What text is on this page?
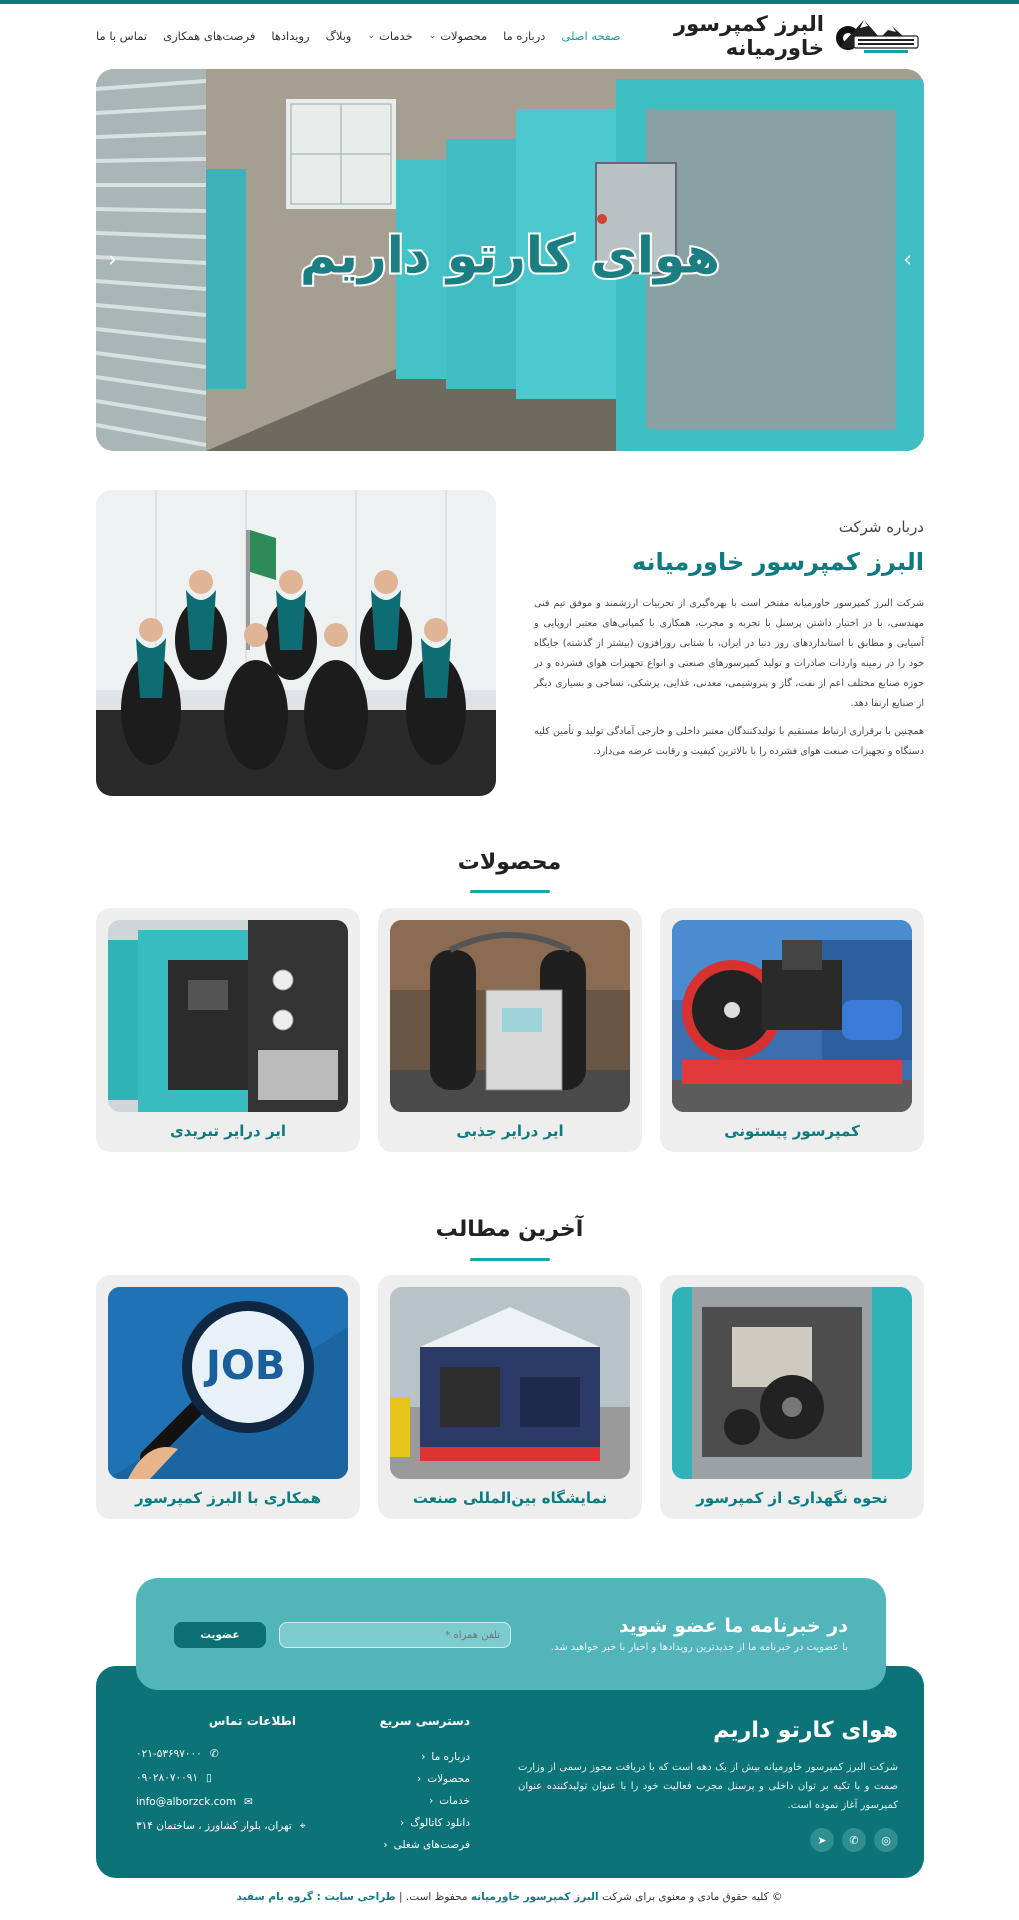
البرز کمپرسور خاورمیانه
صفحه اصلی
درباره ما
محصولات
⌄
خدمات
⌄
وبلاگ
رویدادها
فرصت‌های همکاری
تماس با ما
هوای کارتو داریم
‹	›
درباره شرکت
البرز کمپرسور خاورمیانه

شرکت البرز کمپرسور خاورمیانه مفتخر است با بهره‌گیری از تجربیات ارزشمند و موفق تیم فنی مهندسی، با در اختیار داشتن پرسنل با تجربه و مجرب، همکاری با کمپانی‌های معتبر اروپایی و آسیایی و مطابق با استانداردهای روز دنیا در ایران، با شتابی روزافزون (بیشتر از گذشته) جایگاه خود را در زمینه واردات صادرات و تولید کمپرسورهای صنعتی و انواع تجهیزات هوای فشرده و در حوزه صنایع مختلف اعم از نفت، گاز و پتروشیمی، معدنی، غذایی، پزشکی، نساجی و بسیاری دیگر از صنایع ارتقا دهد.

همچنین با برقراری ارتباط مستقیم با تولیدکنندگان معتبر داخلی و خارجی آمادگی تولید و تأمین کلیه دستگاه و تجهیزات صنعت هوای فشرده را با بالاترین کیفیت و رقابت عرضه می‌دارد.

محصولات
کمپرسور پیستونی
ایر درایر جذبی
ایر درایر تبریدی
آخرین مطالب
نحوه نگهداری از کمپرسور
نمایشگاه بین‌المللی صنعت
JOB
همکاری با البرز کمپرسور
در خبرنامه ما عضو شوید
با عضویت در خبرنامه ما از جدیدترین رویدادها و اخبار با خبر خواهید شد.
تلفن همراه *
عضویت
هوای کارتو داریم
شرکت البرز کمپرسور خاورمیانه بیش از یک دهه است که با دریافت مجوز رسمی از وزارت صمت و با تکیه بر توان داخلی و پرسنل مجرب فعالیت خود را با عنوان تولیدکننده عنوان کمپرسور آغاز نموده است.
◎
✆
➤
دسترسی سریع
درباره ما
‹
محصولات
‹
خدمات
‹
دانلود کاتالوگ
‹
فرصت‌های شغلی
‹
اطلاعات تماس
✆
۰۲۱-۵۳۶۹۷۰۰۰
▯
۰۹۰۲۸۰۷۰۰۹۱
✉
info@alborzck.com
⌖
تهران، بلوار کشاورز ، ساختمان ۳۱۴
© کلیه حقوق مادی و معنوی برای شرکت البرز کمپرسور خاورمیانه محفوظ است. | طراحی سایت : گروه بام سفید
